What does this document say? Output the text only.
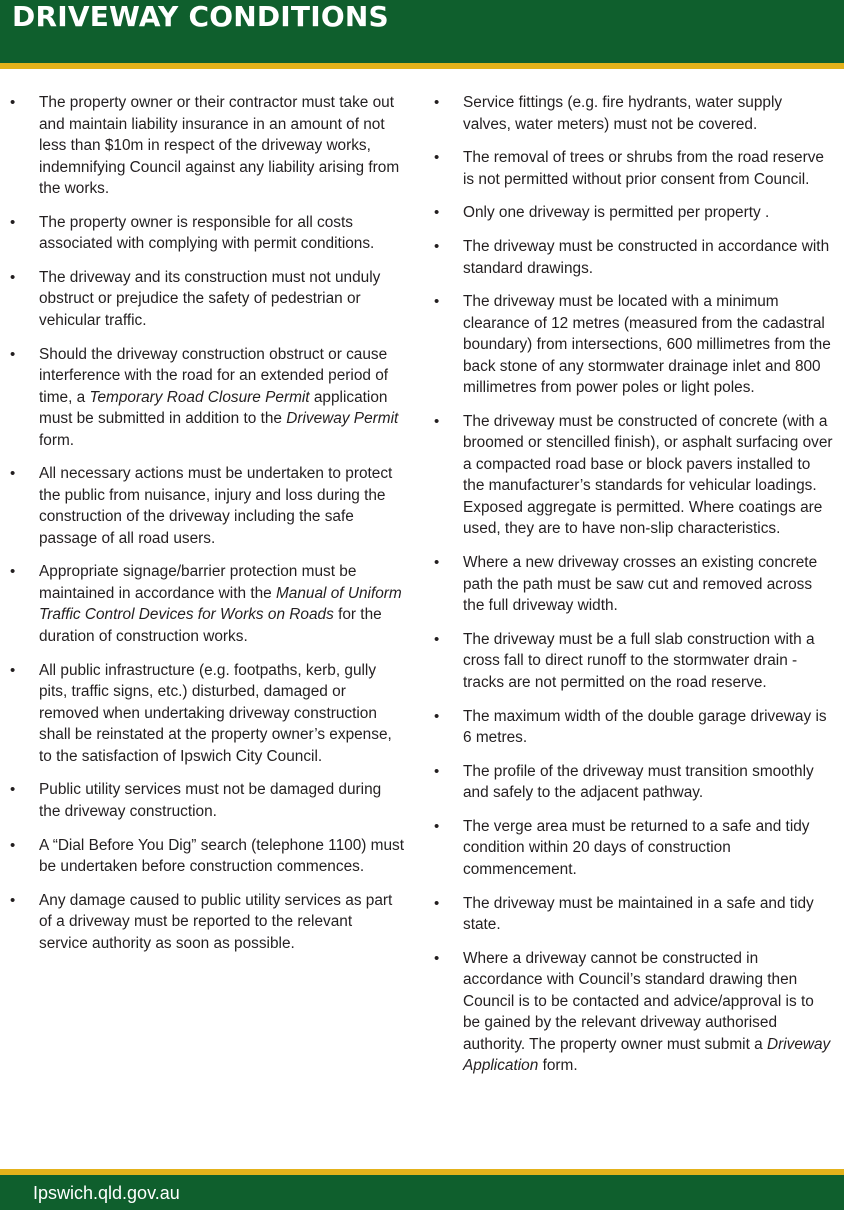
DRIVEWAY CONDITIONS
• The property owner or their contractor must take out and maintain liability insurance in an amount of not less than $10m in respect of the driveway works, indemnifying Council against any liability arising from the works.
• The property owner is responsible for all costs associated with complying with permit conditions.
• The driveway and its construction must not unduly obstruct or prejudice the safety of pedestrian or vehicular traffic.
• Should the driveway construction obstruct or cause interference with the road for an extended period of time, a Temporary Road Closure Permit application must be submitted in addition to the Driveway Permit form.
• All necessary actions must be undertaken to protect the public from nuisance, injury and loss during the construction of the driveway including the safe passage of all road users.
• Appropriate signage/barrier protection must be maintained in accordance with the Manual of Uniform Traffic Control Devices for Works on Roads for the duration of construction works.
• All public infrastructure (e.g. footpaths, kerb, gully pits, traffic signs, etc.) disturbed, damaged or removed when undertaking driveway construction shall be reinstated at the property owner’s expense, to the satisfaction of Ipswich City Council.
• Public utility services must not be damaged during the driveway construction.
• A “Dial Before You Dig” search (telephone 1100) must be undertaken before construction commences.
• Any damage caused to public utility services as part of a driveway must be reported to the relevant service authority as soon as possible.
• Service fittings (e.g. fire hydrants, water supply valves, water meters) must not be covered.
• The removal of trees or shrubs from the road reserve is not permitted without prior consent from Council.
• Only one driveway is permitted per property .
• The driveway must be constructed in accordance with standard drawings.
• The driveway must be located with a minimum clearance of 12 metres (measured from the cadastral boundary) from intersections, 600 millimetres from the back stone of any stormwater drainage inlet and 800 millimetres from power poles or light poles.
• The driveway must be constructed of concrete (with a broomed or stencilled finish), or asphalt surfacing over a compacted road base or block pavers installed to the manufacturer’s standards for vehicular loadings. Exposed aggregate is permitted. Where coatings are used, they are to have non-slip characteristics.
• Where a new driveway crosses an existing concrete path the path must be saw cut and removed across the full driveway width.
• The driveway must be a full slab construction with a cross fall to direct runoff to the stormwater drain - tracks are not permitted on the road reserve.
• The maximum width of the double garage driveway is 6 metres.
• The profile of the driveway must transition smoothly and safely to the adjacent pathway.
• The verge area must be returned to a safe and tidy condition within 20 days of construction commencement.
• The driveway must be maintained in a safe and tidy state.
• Where a driveway cannot be constructed in accordance with Council’s standard drawing then Council is to be contacted and advice/approval is to be gained by the relevant driveway authorised authority. The property owner must submit a Driveway Application form.
Ipswich.qld.gov.au
